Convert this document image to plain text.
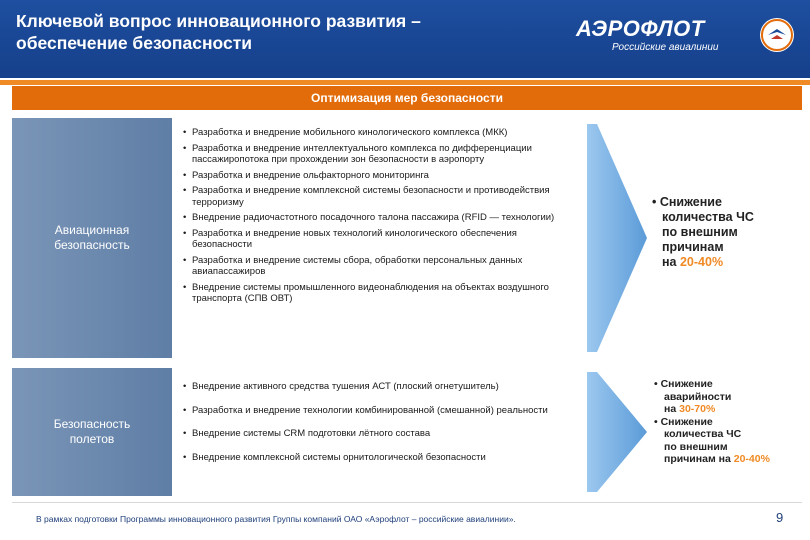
Ключевой вопрос инновационного развития –
обеспечение безопасности
АЭРОФЛОТ
Российские авиалинии
Оптимизация мер безопасности
Авиационная
безопасность
• Разработка и внедрение мобильного кинологического комплекса (МКК)
• Разработка и внедрение интеллектуального комплекса по дифференциации пассажиропотока при прохождении зон безопасности в аэропорту
• Разработка и внедрение ольфакторного мониторинга
• Разработка и внедрение комплексной системы безопасности и противодействия терроризму
• Внедрение радиочастотного посадочного талона пассажира (RFID — технологии)
• Разработка и внедрение новых технологий кинологического обеспечения безопасности
• Разработка и внедрение системы сбора, обработки персональных данных авиапассажиров
• Внедрение системы промышленного видеонаблюдения на объектах воздушного транспорта (СПВ ОВТ)
• Снижение
количества ЧС
по внешним
причинам
на 20-40%
Безопасность
полетов
• Внедрение активного средства тушения АСТ (плоский огнетушитель)
• Разработка и внедрение технологии комбинированной (смешанной) реальности
• Внедрение системы CRM подготовки лётного состава
• Внедрение комплексной системы орнитологической безопасности
• Снижение
аварийности
на 30-70%
• Снижение
количества ЧС
по внешним
причинам на 20-40%
В рамках подготовки Программы инновационного развития Группы компаний ОАО «Аэрофлот – российские авиалинии».	9
